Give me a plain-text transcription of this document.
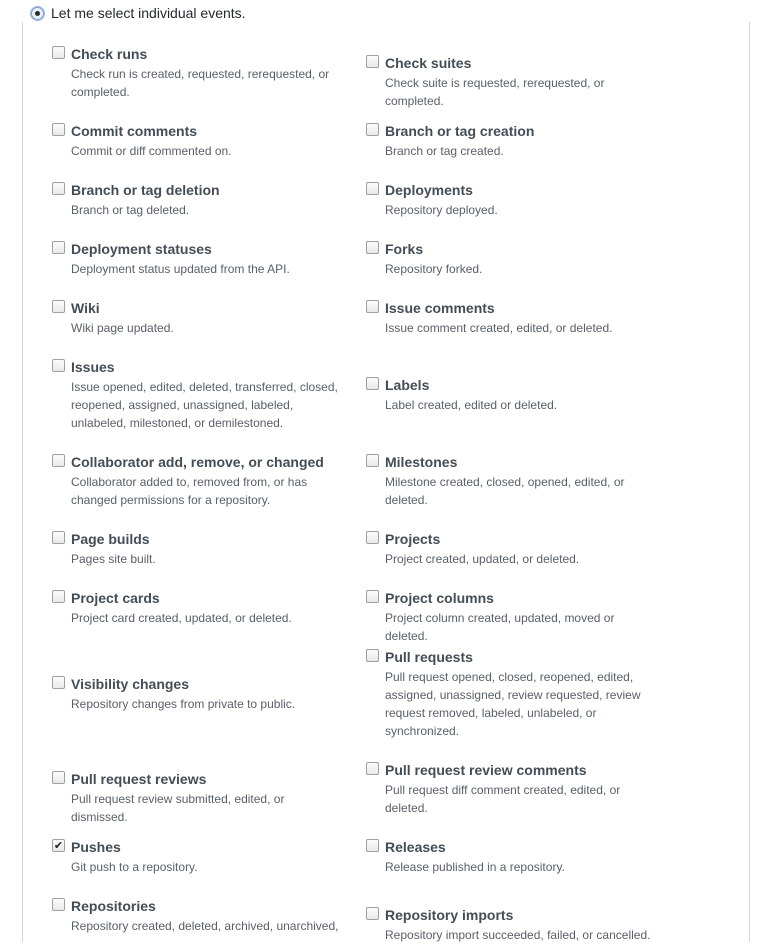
Let me select individual events.
Check runs
Check run is created, requested, rerequested, or completed.
Check suites
Check suite is requested, rerequested, or completed.
Commit comments
Commit or diff commented on.
Branch or tag creation
Branch or tag created.
Branch or tag deletion
Branch or tag deleted.
Deployments
Repository deployed.
Deployment statuses
Deployment status updated from the API.
Forks
Repository forked.
Wiki
Wiki page updated.
Issue comments
Issue comment created, edited, or deleted.
Issues
Issue opened, edited, deleted, transferred, closed, reopened, assigned, unassigned, labeled, unlabeled, milestoned, or demilestoned.
Labels
Label created, edited or deleted.
Collaborator add, remove, or changed
Collaborator added to, removed from, or has changed permissions for a repository.
Milestones
Milestone created, closed, opened, edited, or deleted.
Page builds
Pages site built.
Projects
Project created, updated, or deleted.
Project cards
Project card created, updated, or deleted.
Project columns
Project column created, updated, moved or deleted.
Visibility changes
Repository changes from private to public.
Pull requests
Pull request opened, closed, reopened, edited, assigned, unassigned, review requested, review request removed, labeled, unlabeled, or synchronized.
Pull request reviews
Pull request review submitted, edited, or dismissed.
Pull request review comments
Pull request diff comment created, edited, or deleted.
✔ Pushes
Git push to a repository.
Releases
Release published in a repository.
Repositories
Repository created, deleted, archived, unarchived,
Repository imports
Repository import succeeded, failed, or cancelled.
